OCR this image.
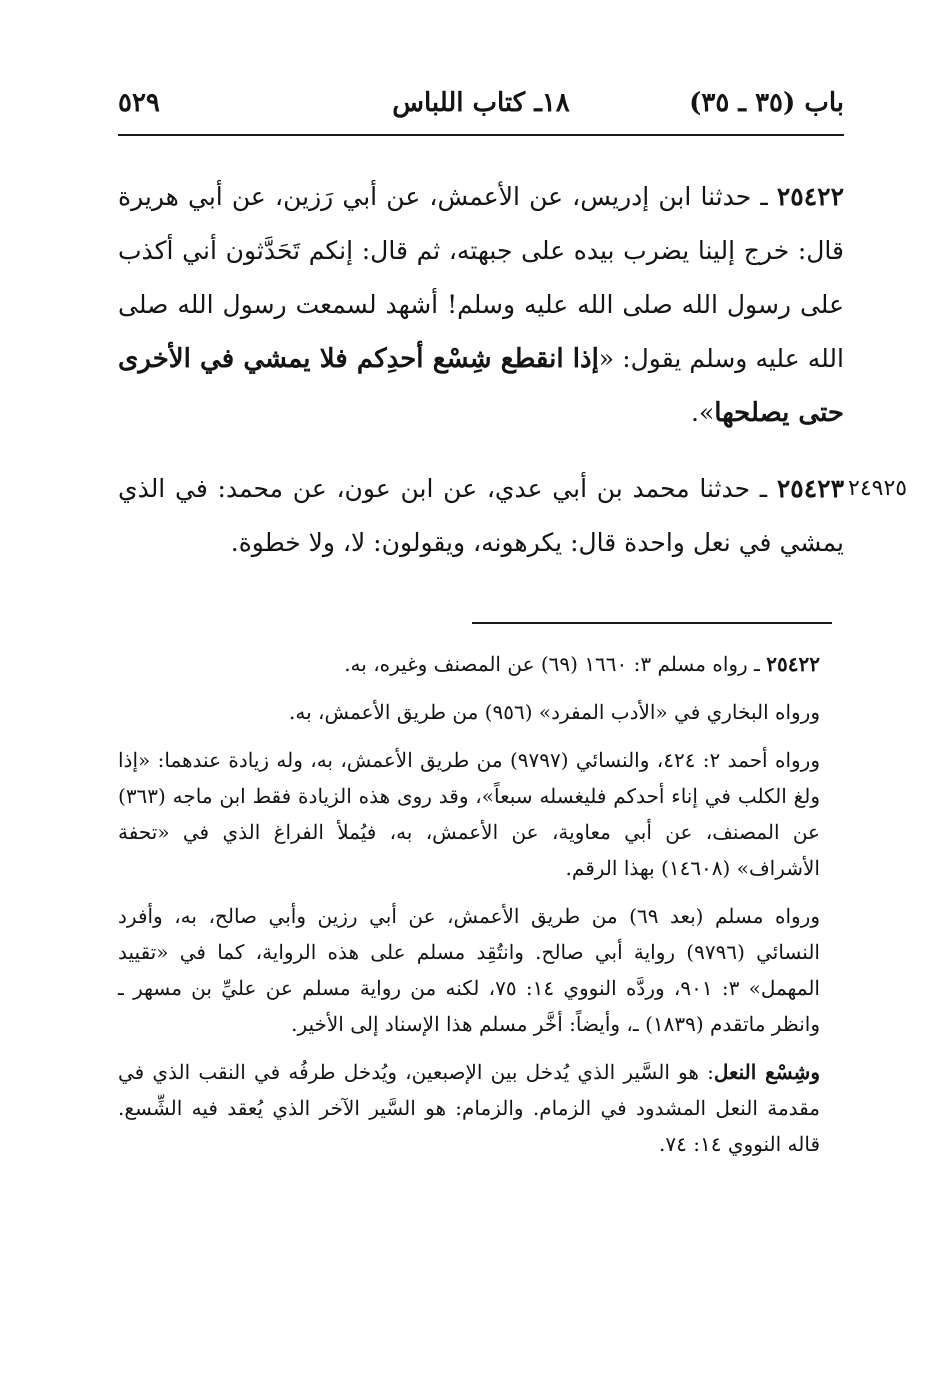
٥٢٩	١٨ـ كتاب اللباس	باب (٣٥ ـ ٣٥)
٢٥٤٢٢ ـ حدثنا ابن إدريس، عن الأعمش، عن أبي رَزين، عن أبي هريرة قال: خرج إلينا يضرب بيده على جبهته، ثم قال: إنكم تَحَدَّثون أني أكذب على رسول الله صلى الله عليه وسلم! أشهد لسمعت رسول الله صلى الله عليه وسلم يقول: «إذا انقطع شِسْع أحدِكم فلا يمشي في الأخرى حتى يصلحها».
٢٤٩٢٥
٢٥٤٢٣ ـ حدثنا محمد بن أبي عدي، عن ابن عون، عن محمد: في الذي يمشي في نعل واحدة قال: يكرهونه، ويقولون: لا، ولا خطوة.

٢٥٤٢٢ ـ رواه مسلم ٣: ١٦٦٠ (٦٩) عن المصنف وغيره، به.

ورواه البخاري في «الأدب المفرد» (٩٥٦) من طريق الأعمش، به.

ورواه أحمد ٢: ٤٢٤، والنسائي (٩٧٩٧) من طريق الأعمش، به، وله زيادة عندهما: «إذا ولغ الكلب في إناء أحدكم فليغسله سبعاً»، وقد روى هذه الزيادة فقط ابن ماجه (٣٦٣) عن المصنف، عن أبي معاوية، عن الأعمش، به، فيُملأ الفراغ الذي في «تحفة الأشراف» (١٤٦٠٨) بهذا الرقم.

ورواه مسلم (بعد ٦٩) من طريق الأعمش، عن أبي رزين وأبي صالح، به، وأفرد النسائي (٩٧٩٦) رواية أبي صالح. وانتُقِد مسلم على هذه الرواية، كما في «تقييد المهمل» ٣: ٩٠١، وردَّه النووي ١٤: ٧٥، لكنه من رواية مسلم عن عليِّ بن مسهر ـ وانظر ماتقدم (١٨٣٩) ـ، وأيضاً: أخَّر مسلم هذا الإسناد إلى الأخير.

وشِسْع النعل: هو السَّير الذي يُدخل بين الإصبعين، ويُدخل طرفُه في النقب الذي في مقدمة النعل المشدود في الزمام. والزمام: هو السَّير الآخر الذي يُعقد فيه الشِّسع. قاله النووي ١٤: ٧٤.
